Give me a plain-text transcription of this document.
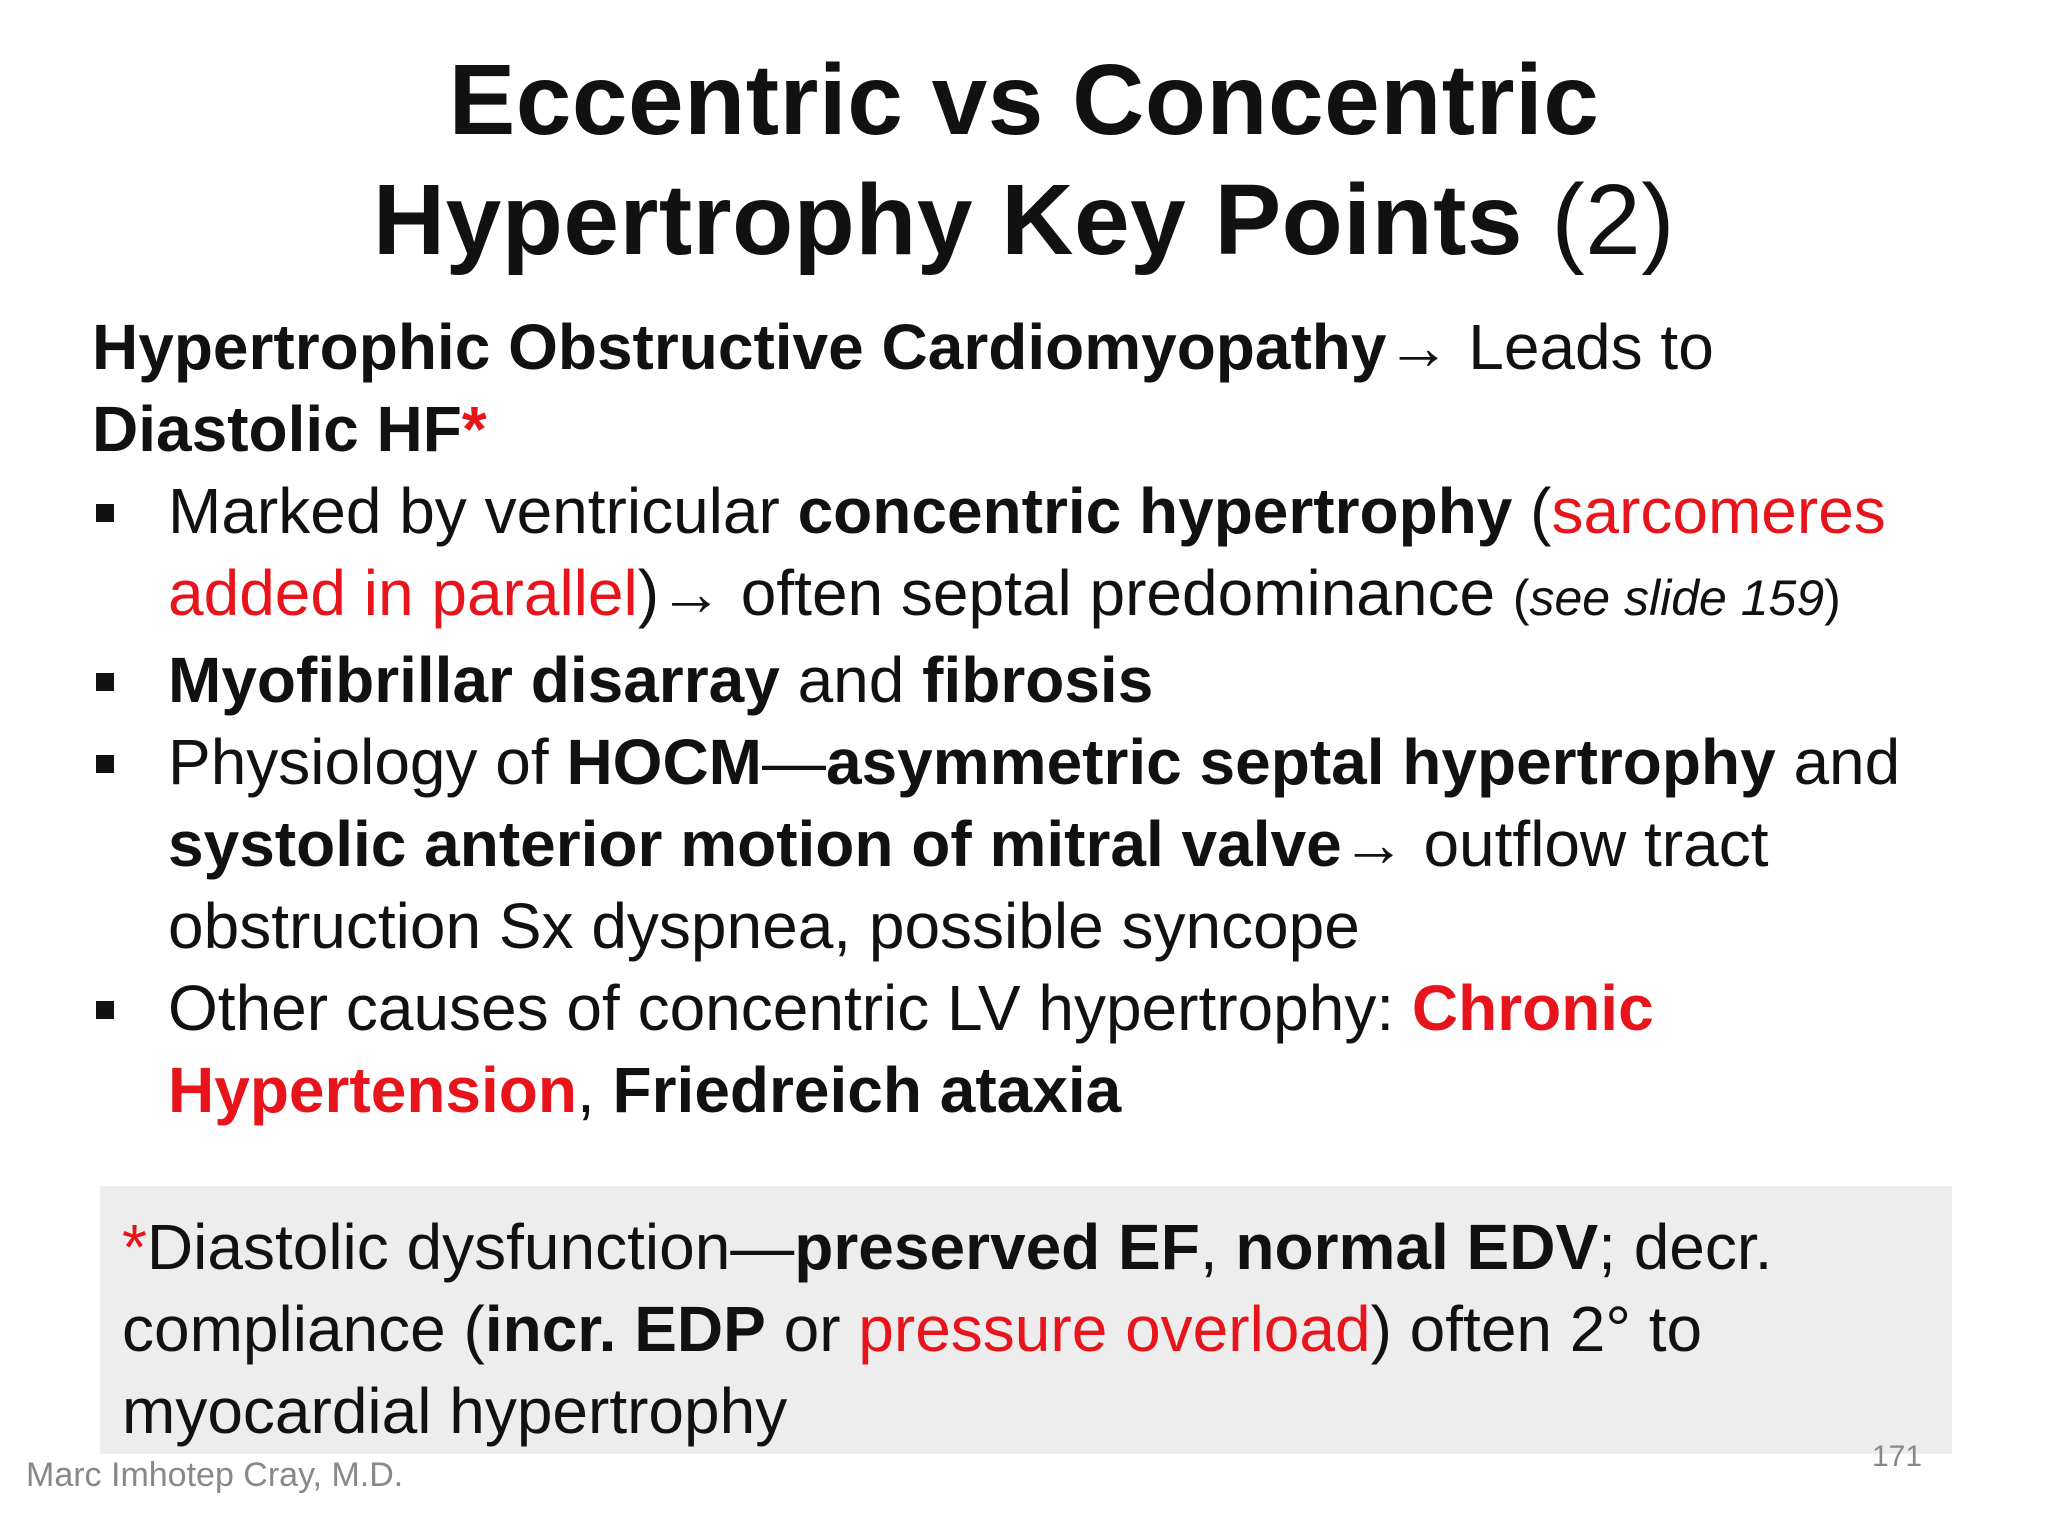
Eccentric vs Concentric
Hypertrophy Key Points (2)
Hypertrophic Obstructive Cardiomyopathy→ Leads to
Diastolic HF*
Marked by ventricular concentric hypertrophy (sarcomeres added in parallel)→ often septal predominance (see slide 159)
Myofibrillar disarray and fibrosis
Physiology of HOCM—asymmetric septal hypertrophy and systolic anterior motion of mitral valve→ outflow tract obstruction Sx dyspnea, possible syncope
Other causes of concentric LV hypertrophy: Chronic Hypertension, Friedreich ataxia
*Diastolic dysfunction—preserved EF, normal EDV; decr. compliance (incr. EDP or pressure overload) often 2° to myocardial hypertrophy
171
Marc Imhotep Cray, M.D.
